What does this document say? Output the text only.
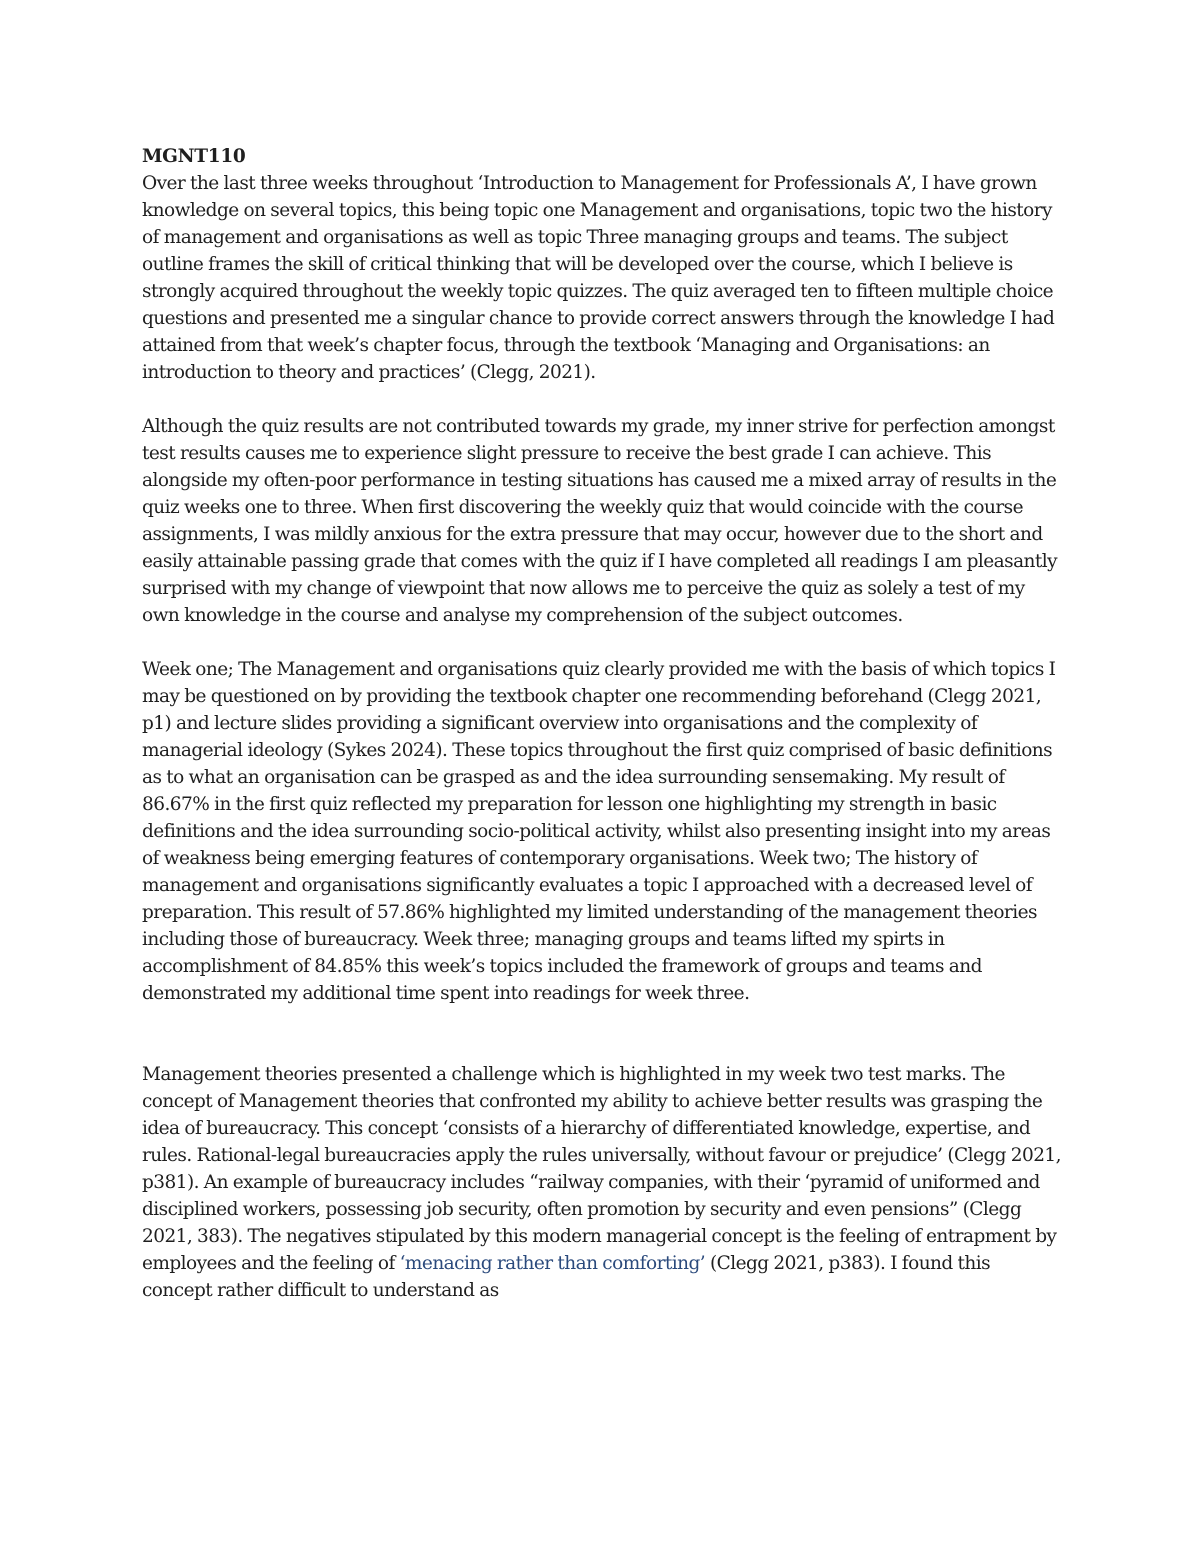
MGNT110

Over the last three weeks throughout ‘Introduction to Management for Professionals A’, I have grown knowledge on several topics, this being topic one Management and organisations, topic two the history of management and organisations as well as topic Three managing groups and teams. The subject outline frames the skill of critical thinking that will be developed over the course, which I believe is strongly acquired throughout the weekly topic quizzes. The quiz averaged ten to fifteen multiple choice questions and presented me a singular chance to provide correct answers through the knowledge I had attained from that week’s chapter focus, through the textbook ‘Managing and Organisations: an introduction to theory and practices’ (Clegg, 2021).

Although the quiz results are not contributed towards my grade, my inner strive for perfection amongst test results causes me to experience slight pressure to receive the best grade I can achieve. This alongside my often-poor performance in testing situations has caused me a mixed array of results in the quiz weeks one to three. When first discovering the weekly quiz that would coincide with the course assignments, I was mildly anxious for the extra pressure that may occur, however due to the short and easily attainable passing grade that comes with the quiz if I have completed all readings I am pleasantly surprised with my change of viewpoint that now allows me to perceive the quiz as solely a test of my own knowledge in the course and analyse my comprehension of the subject outcomes.

Week one; The Management and organisations quiz clearly provided me with the basis of which topics I may be questioned on by providing the textbook chapter one recommending beforehand (Clegg 2021, p1) and lecture slides providing a significant overview into organisations and the complexity of managerial ideology (Sykes 2024). These topics throughout the first quiz comprised of basic definitions as to what an organisation can be grasped as and the idea surrounding sensemaking. My result of 86.67% in the first quiz reflected my preparation for lesson one highlighting my strength in basic definitions and the idea surrounding socio-political activity, whilst also presenting insight into my areas of weakness being emerging features of contemporary organisations. Week two; The history of management and organisations significantly evaluates a topic I approached with a decreased level of preparation. This result of 57.86% highlighted my limited understanding of the management theories including those of bureaucracy. Week three; managing groups and teams lifted my spirts in accomplishment of 84.85% this week’s topics included the framework of groups and teams and demonstrated my additional time spent into readings for week three.

Management theories presented a challenge which is highlighted in my week two test marks. The concept of Management theories that confronted my ability to achieve better results was grasping the idea of bureaucracy. This concept ‘consists of a hierarchy of differentiated knowledge, expertise, and rules. Rational-legal bureaucracies apply the rules universally, without favour or prejudice’ (Clegg 2021, p381). An example of bureaucracy includes “railway companies, with their ‘pyramid of uniformed and disciplined workers, possessing job security, often promotion by security and even pensions” (Clegg 2021, 383). The negatives stipulated by this modern managerial concept is the feeling of entrapment by employees and the feeling of ‘menacing rather than comforting’ (Clegg 2021, p383). I found this concept rather difficult to understand as
